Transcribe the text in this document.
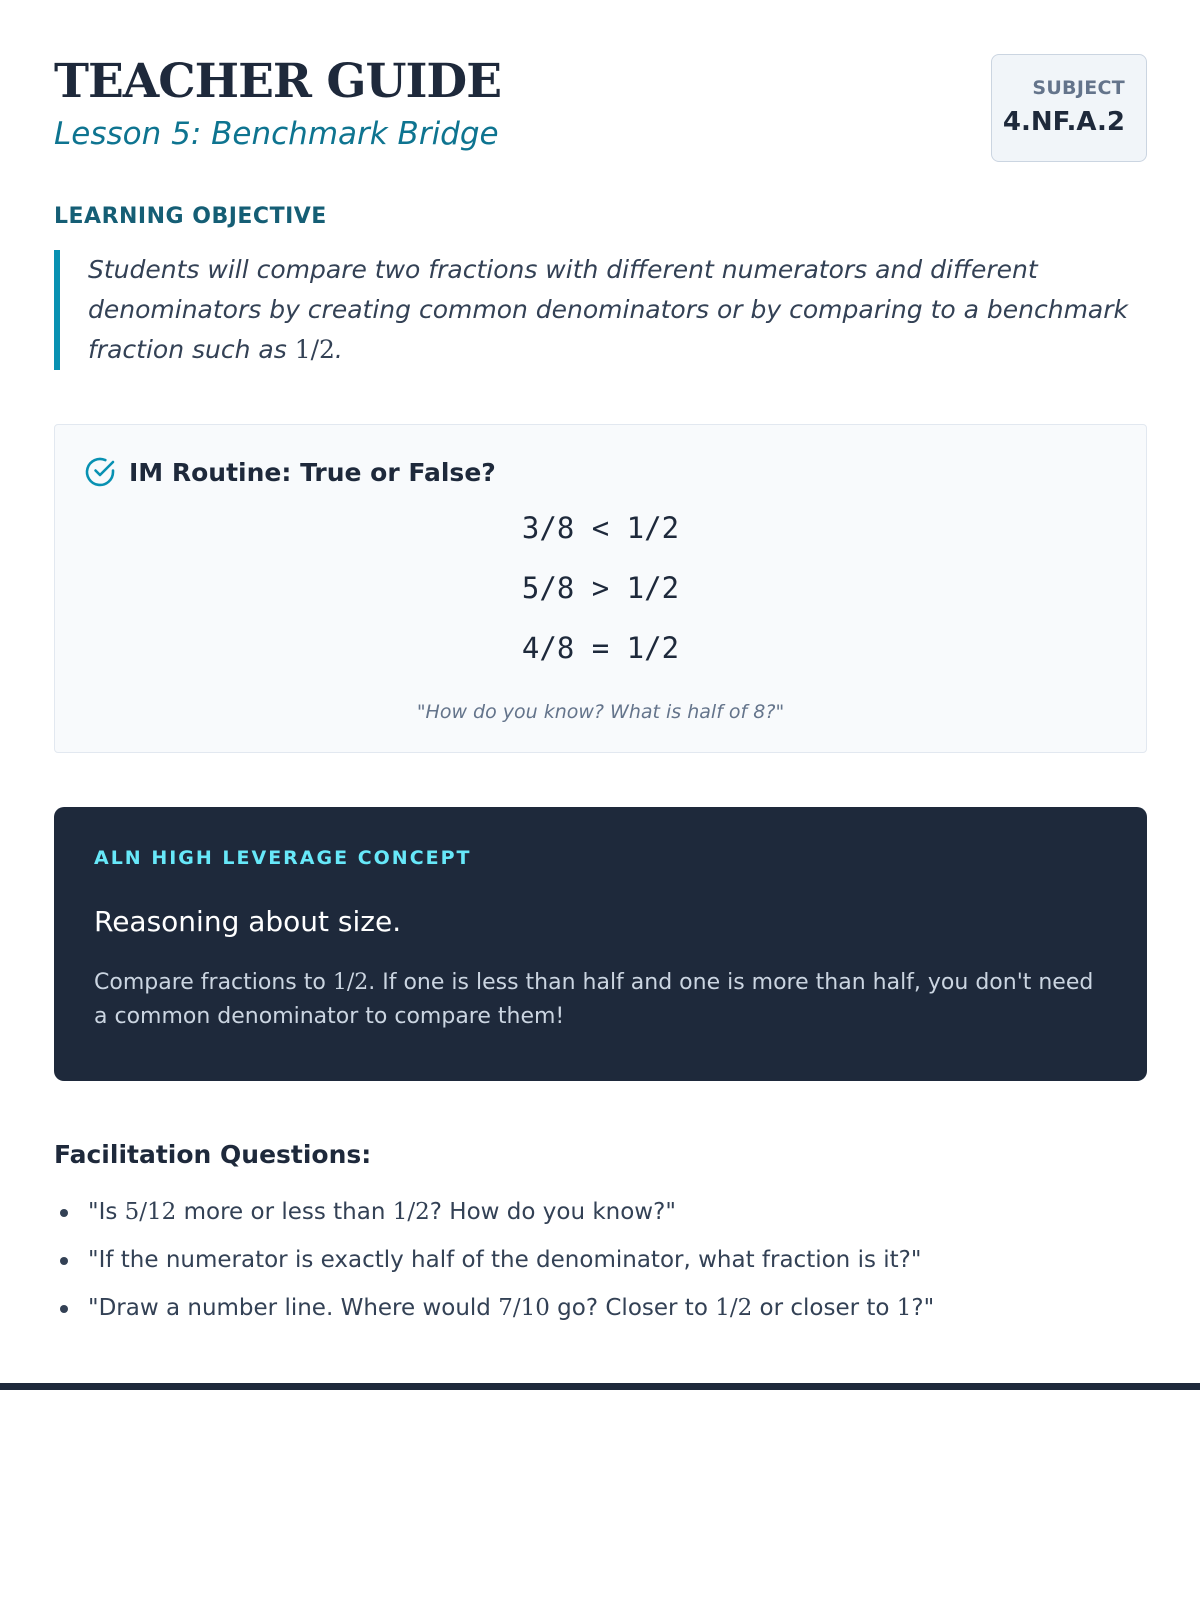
TEACHER GUIDE
Lesson 5: Benchmark Bridge
SUBJECT
4.NF.A.2
LEARNING OBJECTIVE
Students will compare two fractions with different numerators and different denominators by creating common denominators or by comparing to a benchmark fraction such as 1/2.
IM Routine: True or False?
3/8 < 1/2
5/8 > 1/2
4/8 = 1/2
"How do you know? What is half of 8?"
ALN HIGH LEVERAGE CONCEPT
Reasoning about size.
Compare fractions to 1/2. If one is less than half and one is more than half, you don't need a common denominator to compare them!
Facilitation Questions:
"Is 5/12 more or less than 1/2? How do you know?"
"If the numerator is exactly half of the denominator, what fraction is it?"
"Draw a number line. Where would 7/10 go? Closer to 1/2 or closer to 1?"
